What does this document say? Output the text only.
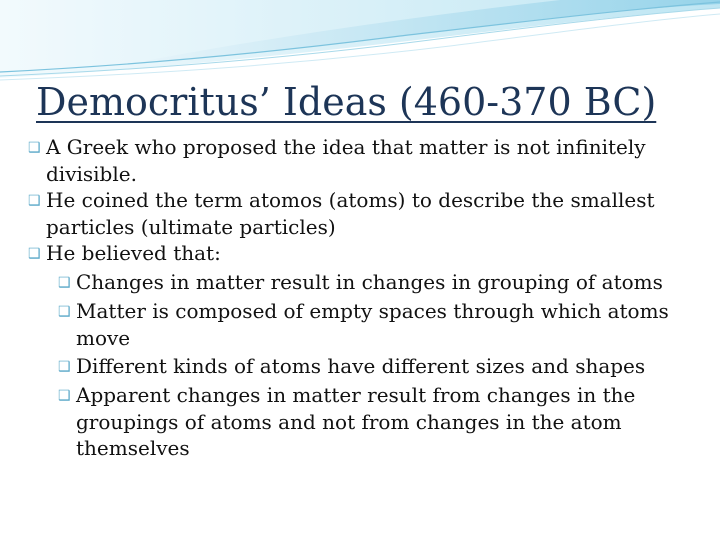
Democritus’ Ideas (460-370 BC)
❑ A Greek who proposed the idea that matter is not infinitely divisible.
❑ He coined the term atomos (atoms) to describe the smallest particles (ultimate particles)
❑ He believed that:
❑ Changes in matter result in changes in grouping of atoms
❑ Matter is composed of empty spaces through which atoms move
❑ Different kinds of atoms have different sizes and shapes
❑ Apparent changes in matter result from changes in the groupings of atoms and not from changes in the atom themselves
